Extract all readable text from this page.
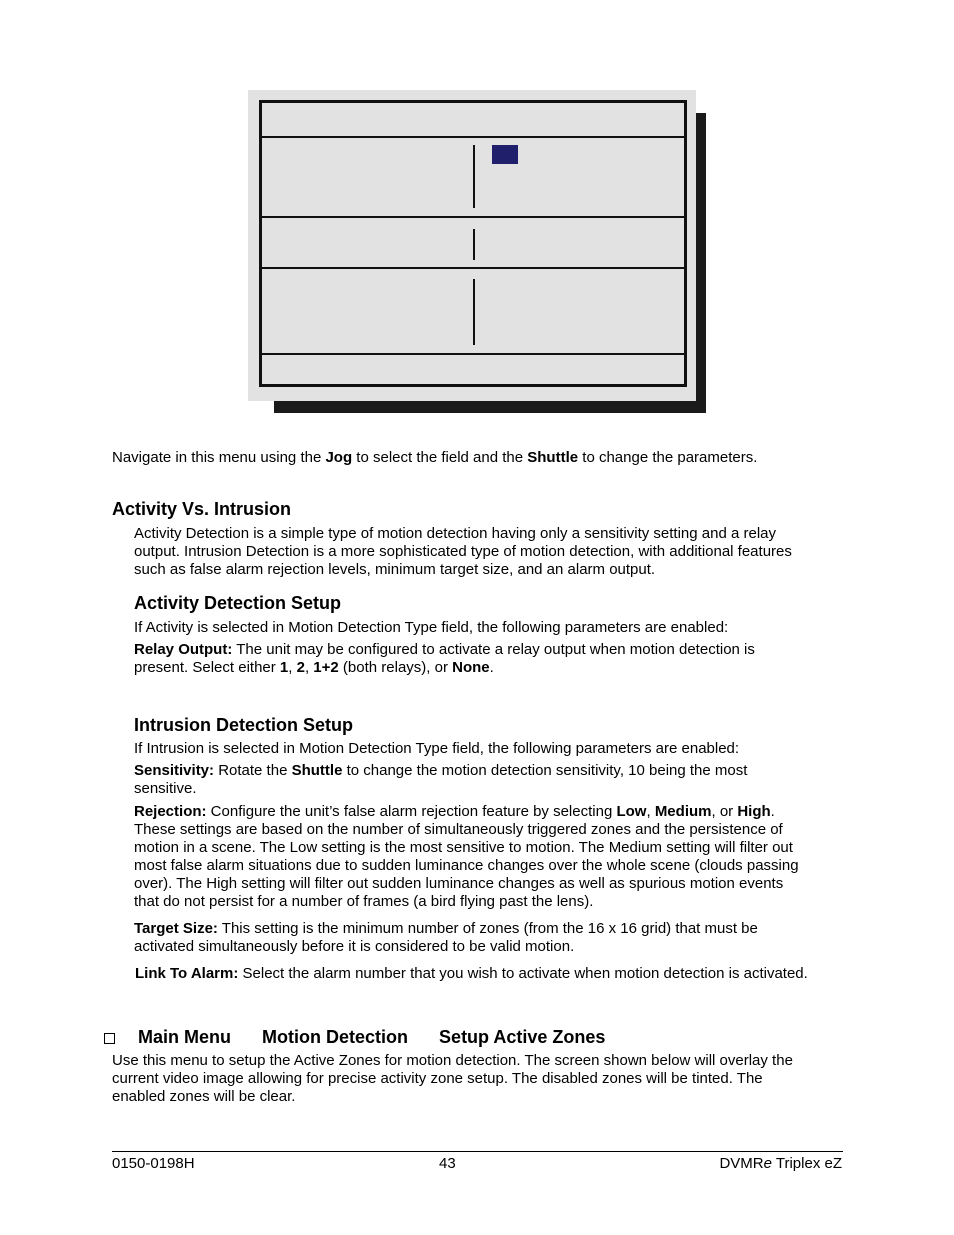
Navigate in this menu using the Jog to select the field and the Shuttle to change the parameters.

Activity Vs. Intrusion
Activity Detection is a simple type of motion detection having only a sensitivity setting and a relay
output. Intrusion Detection is a more sophisticated type of motion detection, with additional features
such as false alarm rejection levels, minimum target size, and an alarm output.
Activity Detection Setup

If Activity is selected in Motion Detection Type field, the following parameters are enabled:

Relay Output: The unit may be configured to activate a relay output when motion detection is
present. Select either 1, 2, 1+2 (both relays), or None.
Intrusion Detection Setup

If Intrusion is selected in Motion Detection Type field, the following parameters are enabled:

Sensitivity: Rotate the Shuttle to change the motion detection sensitivity, 10 being the most
sensitive.
Rejection: Configure the unit’s false alarm rejection feature by selecting Low, Medium, or High.
These settings are based on the number of simultaneously triggered zones and the persistence of
motion in a scene. The Low setting is the most sensitive to motion. The Medium setting will filter out
most false alarm situations due to sudden luminance changes over the whole scene (clouds passing
over). The High setting will filter out sudden luminance changes as well as spurious motion events
that do not persist for a number of frames (a bird flying past the lens).
Target Size: This setting is the minimum number of zones (from the 16 x 16 grid) that must be
activated simultaneously before it is considered to be valid motion.
Link To Alarm: Select the alarm number that you wish to activate when motion detection is activated.
Main Menu Motion Detection Setup Active Zones
Use this menu to setup the Active Zones for motion detection. The screen shown below will overlay the
current video image allowing for precise activity zone setup. The disabled zones will be tinted. The
enabled zones will be clear.
0150-0198H	43	DVMRe Triplex eZ
